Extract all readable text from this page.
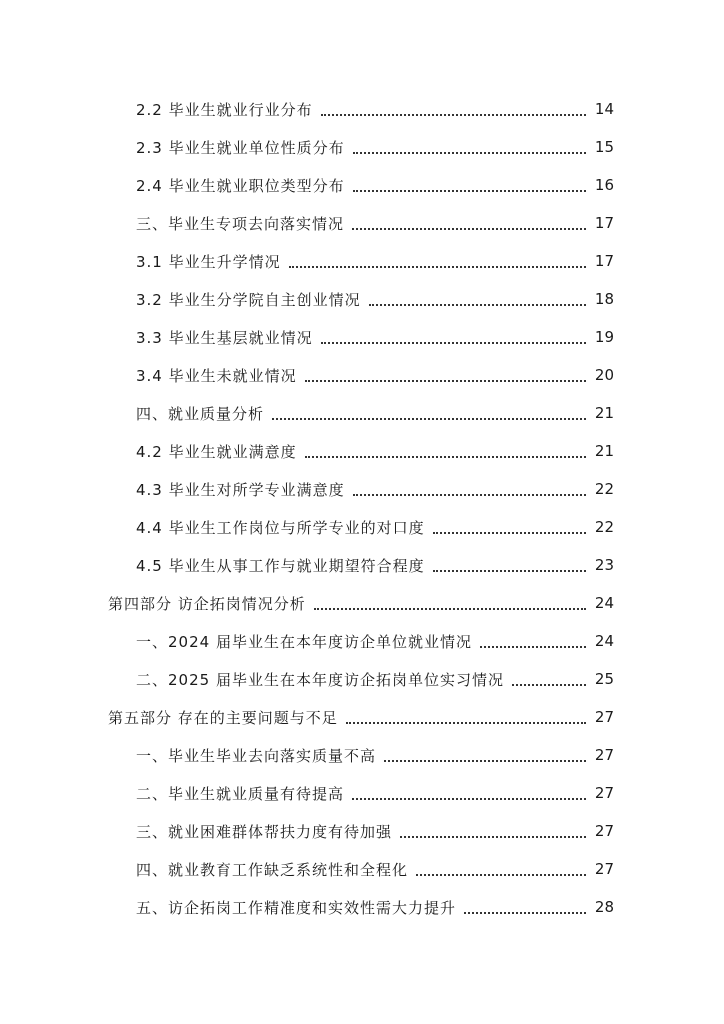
2.2 毕业生就业行业分布	14
2.3 毕业生就业单位性质分布	15
2.4 毕业生就业职位类型分布	16
三、毕业生专项去向落实情况	17
3.1 毕业生升学情况	17
3.2 毕业生分学院自主创业情况	18
3.3 毕业生基层就业情况	19
3.4 毕业生未就业情况	20
四、就业质量分析	21
4.2 毕业生就业满意度	21
4.3 毕业生对所学专业满意度	22
4.4 毕业生工作岗位与所学专业的对口度	22
4.5 毕业生从事工作与就业期望符合程度	23
第四部分 访企拓岗情况分析	24
一、2024 届毕业生在本年度访企单位就业情况	24
二、2025 届毕业生在本年度访企拓岗单位实习情况	25
第五部分 存在的主要问题与不足	27
一、毕业生毕业去向落实质量不高	27
二、毕业生就业质量有待提高	27
三、就业困难群体帮扶力度有待加强	27
四、就业教育工作缺乏系统性和全程化	27
五、访企拓岗工作精准度和实效性需大力提升	28
